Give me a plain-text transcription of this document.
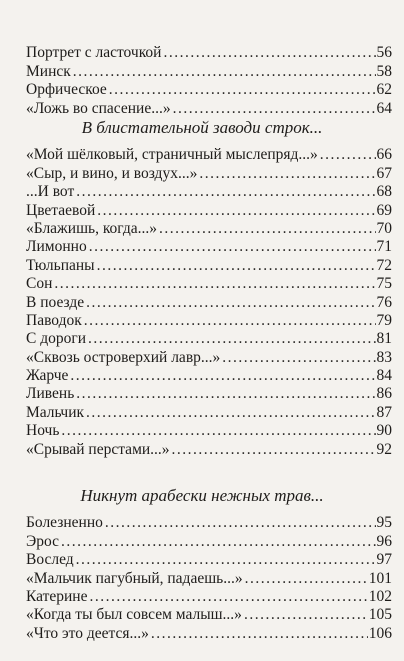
Портрет с ласточкой .....	56
Минск .....	58
Орфическое .....	62
«Ложь во спасение...» .....	64
В блистательной заводи строк...
«Мой шёлковый, страничный мыслепряд...» .....	66
«Сыр, и вино, и воздух...» .....	67
...И вот .....	68
Цветаевой .....	69
«Блажишь, когда...» .....	70
Лимонно .....	71
Тюльпаны .....	72
Сон .....	75
В поезде .....	76
Паводок .....	79
С дороги .....	81
«Сквозь островерхий лавр...» .....	83
Жарче .....	84
Ливень .....	86
Мальчик .....	87
Ночь .....	90
«Срывай перстами...» .....	92
Никнут арабески нежных трав...
Болезненно .....	95
Эрос .....	96
Вослед .....	97
«Мальчик пагубный, падаешь...» .....	101
Катерине .....	102
«Когда ты был совсем малыш...» .....	105
«Что это деется...» .....	106
